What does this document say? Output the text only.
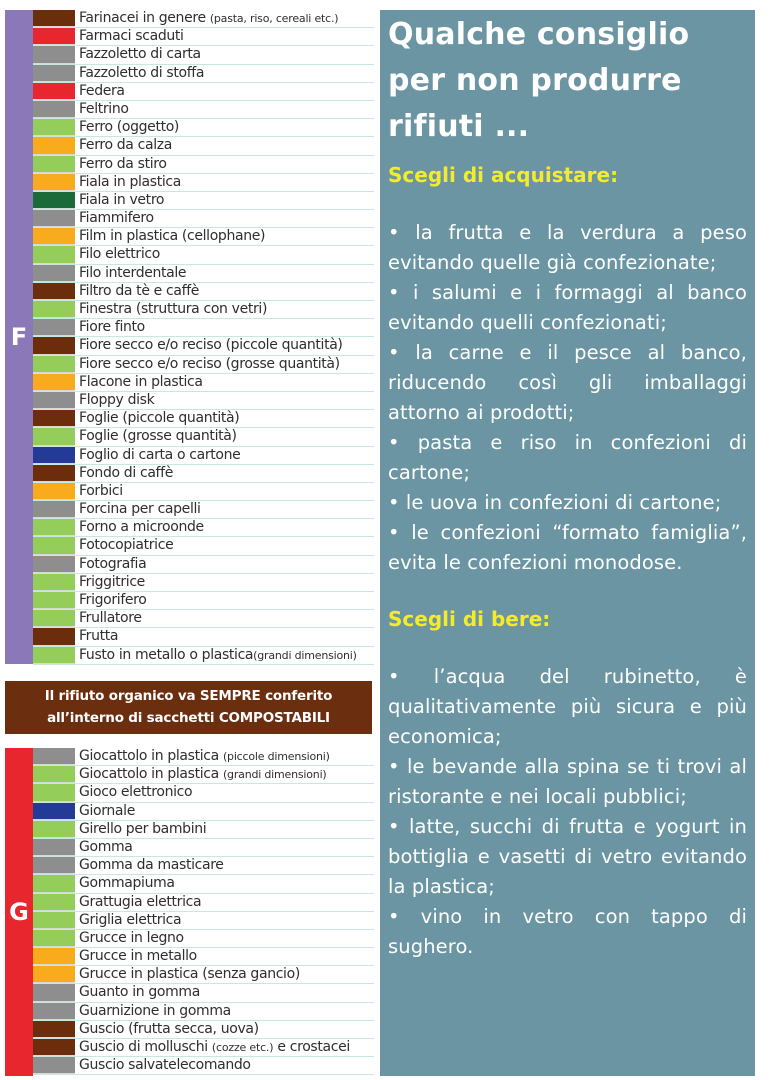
F
Farinacei in genere (pasta, riso, cereali etc.)
Farmaci scaduti
Fazzoletto di carta
Fazzoletto di stoffa
Federa
Feltrino
Ferro (oggetto)
Ferro da calza
Ferro da stiro
Fiala in plastica
Fiala in vetro
Fiammifero
Film in plastica (cellophane)
Filo elettrico
Filo interdentale
Filtro da tè e caffè
Finestra (struttura con vetri)
Fiore finto
Fiore secco e/o reciso (piccole quantità)
Fiore secco e/o reciso (grosse quantità)
Flacone in plastica
Floppy disk
Foglie (piccole quantità)
Foglie (grosse quantità)
Foglio di carta o cartone
Fondo di caffè
Forbici
Forcina per capelli
Forno a microonde
Fotocopiatrice
Fotografia
Friggitrice
Frigorifero
Frullatore
Frutta
Fusto in metallo o plastica(grandi dimensioni)
Il rifiuto organico va SEMPRE conferito
all’interno di sacchetti COMPOSTABILI
G
Giocattolo in plastica (piccole dimensioni)
Giocattolo in plastica (grandi dimensioni)
Gioco elettronico
Giornale
Girello per bambini
Gomma
Gomma da masticare
Gommapiuma
Grattugia elettrica
Griglia elettrica
Grucce in legno
Grucce in metallo
Grucce in plastica (senza gancio)
Guanto in gomma
Guarnizione in gomma
Guscio (frutta secca, uova)
Guscio di molluschi (cozze etc.) e crostacei
Guscio salvatelecomando
Qualche consiglio
per non produrre
rifiuti ...
Scegli di acquistare:

• la frutta e la verdura a peso evitando quelle già confezionate;

• i salumi e i formaggi al banco evitando quelli confezionati;

• la carne e il pesce al banco, riducendo così gli imballaggi attorno ai prodotti;

• pasta e riso in confezioni di cartone;

• le uova in confezioni di cartone;

• le confezioni “formato famiglia”, evita le confezioni monodose.

Scegli di bere:

• l’acqua del rubinetto, è qualitativamente più sicura e più economica;

• le bevande alla spina se ti trovi al ristorante e nei locali pubblici;

• latte, succhi di frutta e yogurt in bottiglia e vasetti di vetro evitando la plastica;

• vino in vetro con tappo di sughero.
